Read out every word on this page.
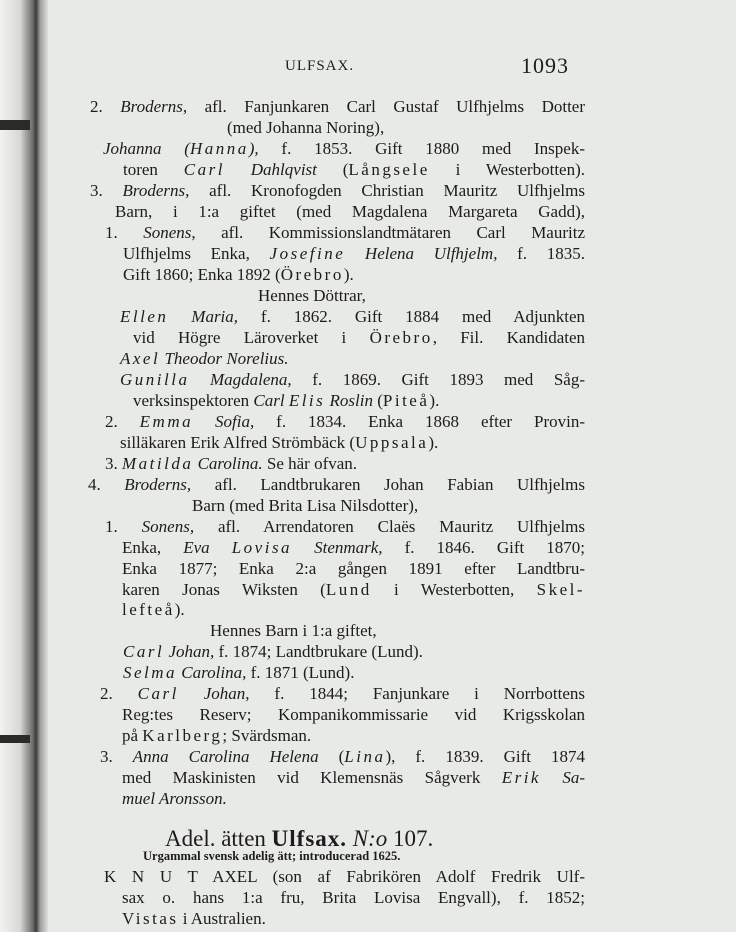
ULFSAX.	1093
2. Broderns, afl. Fanjunkaren Carl Gustaf Ulfhjelms Dotter
(med Johanna Noring),
Johanna (Hanna), f. 1853. Gift 1880 med Inspek-
toren Carl Dahlqvist (Långsele i Westerbotten).
3. Broderns, afl. Kronofogden Christian Mauritz Ulfhjelms
Barn, i 1:a giftet (med Magdalena Margareta Gadd),
1. Sonens, afl. Kommissionslandtmätaren Carl Mauritz
Ulfhjelms Enka, Josefine Helena Ulfhjelm, f. 1835.
Gift 1860; Enka 1892 (Örebro).
Hennes Döttrar,
Ellen Maria, f. 1862. Gift 1884 med Adjunkten
vid Högre Läroverket i Örebro, Fil. Kandidaten
Axel Theodor Norelius.
Gunilla Magdalena, f. 1869. Gift 1893 med Såg-
verksinspektoren Carl Elis Roslin (Piteå).
2. Emma Sofia, f. 1834. Enka 1868 efter Provin-
silläkaren Erik Alfred Strömbäck (Uppsala).
3. Matilda Carolina. Se här ofvan.
4. Broderns, afl. Landtbrukaren Johan Fabian Ulfhjelms
Barn (med Brita Lisa Nilsdotter),
1. Sonens, afl. Arrendatoren Claës Mauritz Ulfhjelms
Enka, Eva Lovisa Stenmark, f. 1846. Gift 1870;
Enka 1877; Enka 2:a gången 1891 efter Landtbru-
karen Jonas Wiksten (Lund i Westerbotten, Skel-
lefteå).
Hennes Barn i 1:a giftet,
Carl Johan, f. 1874; Landtbrukare (Lund).
Selma Carolina, f. 1871 (Lund).
2. Carl Johan, f. 1844; Fanjunkare i Norrbottens
Reg:tes Reserv; Kompanikommissarie vid Krigsskolan
på Karlberg; Svärdsman.
3. Anna Carolina Helena (Lina), f. 1839. Gift 1874
med Maskinisten vid Klemensnäs Sågverk Erik Sa-
muel Aronsson.
K N U T AXEL (son af Fabrikören Adolf Fredrik Ulf-
sax o. hans 1:a fru, Brita Lovisa Engvall), f. 1852;
Vistas i Australien.
Adel. ätten Ulfsax. N:o 107.
Urgammal svensk adelig ätt; introducerad 1625.
